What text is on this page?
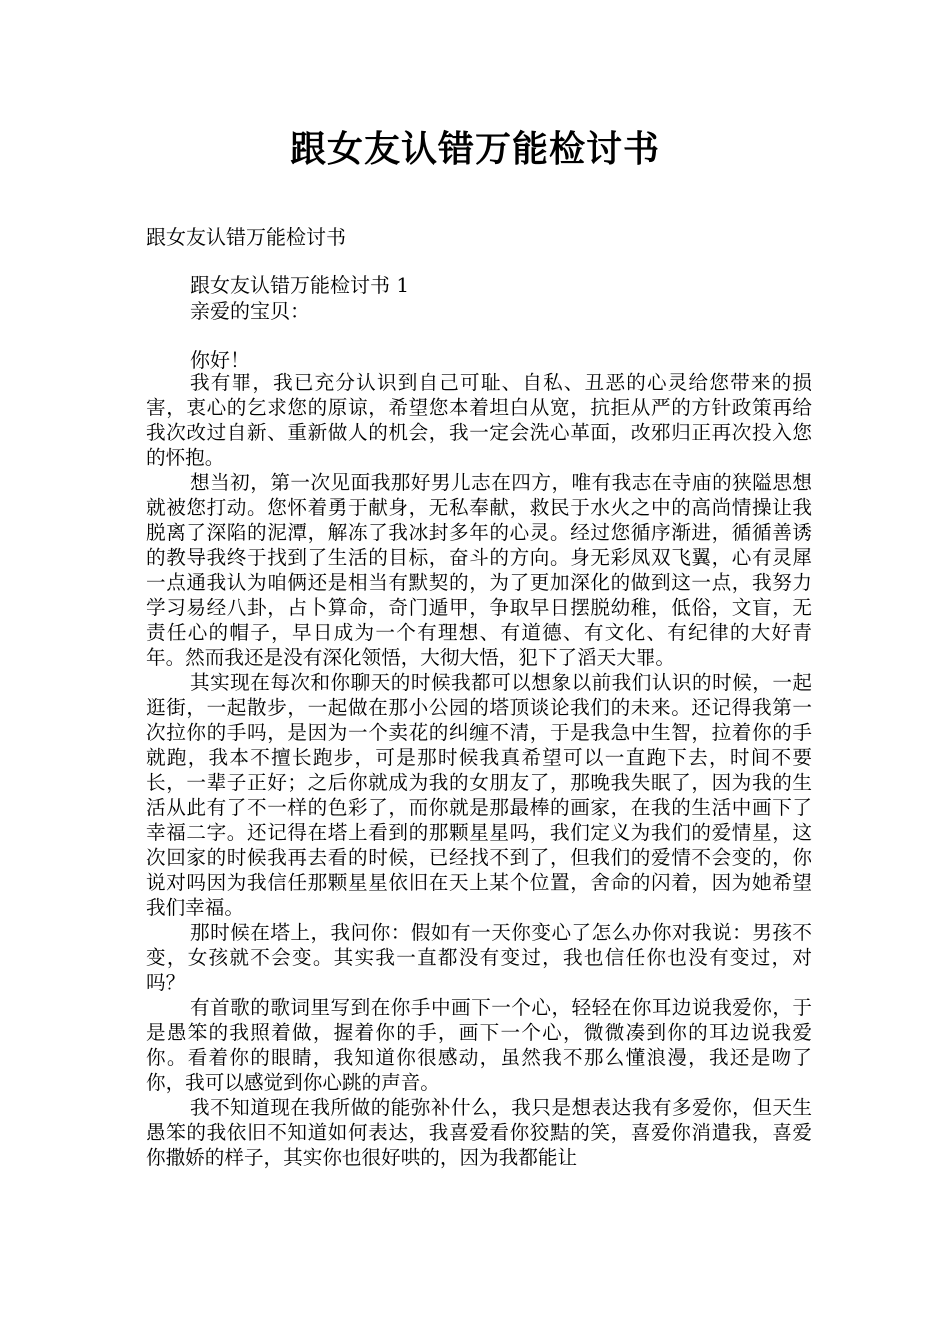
跟女友认错万能检讨书

跟女友认错万能检讨书

跟女友认错万能检讨书 1

亲爱的宝贝：

你好！

我有罪，我已充分认识到自己可耻、自私、丑恶的心灵给您带来的损害，衷心的乞求您的原谅，希望您本着坦白从宽，抗拒从严的方针政策再给我次改过自新、重新做人的机会，我一定会洗心革面，改邪归正再次投入您的怀抱。

想当初，第一次见面我那好男儿志在四方，唯有我志在寺庙的狭隘思想就被您打动。您怀着勇于献身，无私奉献，救民于水火之中的高尚情操让我脱离了深陷的泥潭，解冻了我冰封多年的心灵。经过您循序渐进，循循善诱的教导我终于找到了生活的目标，奋斗的方向。身无彩凤双飞翼，心有灵犀一点通我认为咱俩还是相当有默契的，为了更加深化的做到这一点，我努力学习易经八卦，占卜算命，奇门遁甲，争取早日摆脱幼稚，低俗，文盲，无责任心的帽子，早日成为一个有理想、有道德、有文化、有纪律的大好青年。然而我还是没有深化领悟，大彻大悟，犯下了滔天大罪。

其实现在每次和你聊天的时候我都可以想象以前我们认识的时候，一起逛街，一起散步，一起做在那小公园的塔顶谈论我们的未来。还记得我第一次拉你的手吗，是因为一个卖花的纠缠不清，于是我急中生智，拉着你的手就跑，我本不擅长跑步，可是那时候我真希望可以一直跑下去，时间不要长，一辈子正好；之后你就成为我的女朋友了，那晚我失眠了，因为我的生活从此有了不一样的色彩了，而你就是那最棒的画家，在我的生活中画下了幸福二字。还记得在塔上看到的那颗星星吗，我们定义为我们的爱情星，这次回家的时候我再去看的时候，已经找不到了，但我们的爱情不会变的，你说对吗因为我信任那颗星星依旧在天上某个位置，舍命的闪着，因为她希望我们幸福。

那时候在塔上，我问你：假如有一天你变心了怎么办你对我说：男孩不变，女孩就不会变。其实我一直都没有变过，我也信任你也没有变过，对吗？

有首歌的歌词里写到在你手中画下一个心，轻轻在你耳边说我爱你，于是愚笨的我照着做，握着你的手，画下一个心，微微凑到你的耳边说我爱你。看着你的眼睛，我知道你很感动，虽然我不那么懂浪漫，我还是吻了你，我可以感觉到你心跳的声音。

我不知道现在我所做的能弥补什么，我只是想表达我有多爱你，但天生愚笨的我依旧不知道如何表达，我喜爱看你狡黠的笑，喜爱你消遣我，喜爱你撒娇的样子，其实你也很好哄的，因为我都能让
